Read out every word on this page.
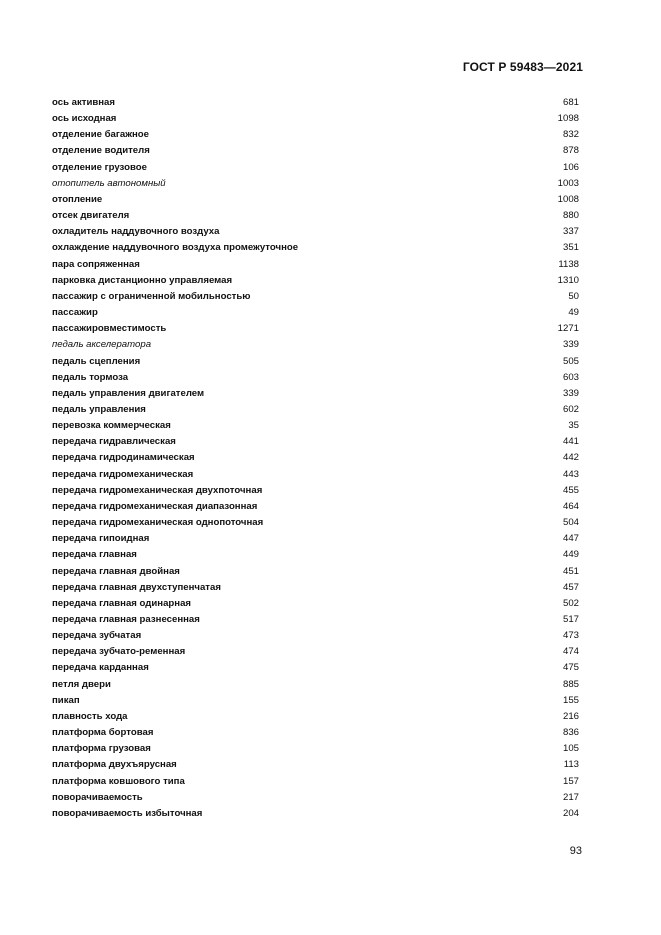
ГОСТ Р 59483—2021
ось активная	681
ось исходная	1098
отделение багажное	832
отделение водителя	878
отделение грузовое	106
отопитель автономный	1003
отопление	1008
отсек двигателя	880
охладитель наддувочного воздуха	337
охлаждение наддувочного воздуха промежуточное	351
пара сопряженная	1138
парковка дистанционно управляемая	1310
пассажир с ограниченной мобильностью	50
пассажир	49
пассажировместимость	1271
педаль акселератора	339
педаль сцепления	505
педаль тормоза	603
педаль управления двигателем	339
педаль управления	602
перевозка коммерческая	35
передача гидравлическая	441
передача гидродинамическая	442
передача гидромеханическая	443
передача гидромеханическая двухпоточная	455
передача гидромеханическая диапазонная	464
передача гидромеханическая однопоточная	504
передача гипоидная	447
передача главная	449
передача главная двойная	451
передача главная двухступенчатая	457
передача главная одинарная	502
передача главная разнесенная	517
передача зубчатая	473
передача зубчато-ременная	474
передача карданная	475
петля двери	885
пикап	155
плавность хода	216
платформа бортовая	836
платформа грузовая	105
платформа двухъярусная	113
платформа ковшового типа	157
поворачиваемость	217
поворачиваемость избыточная	204
93
